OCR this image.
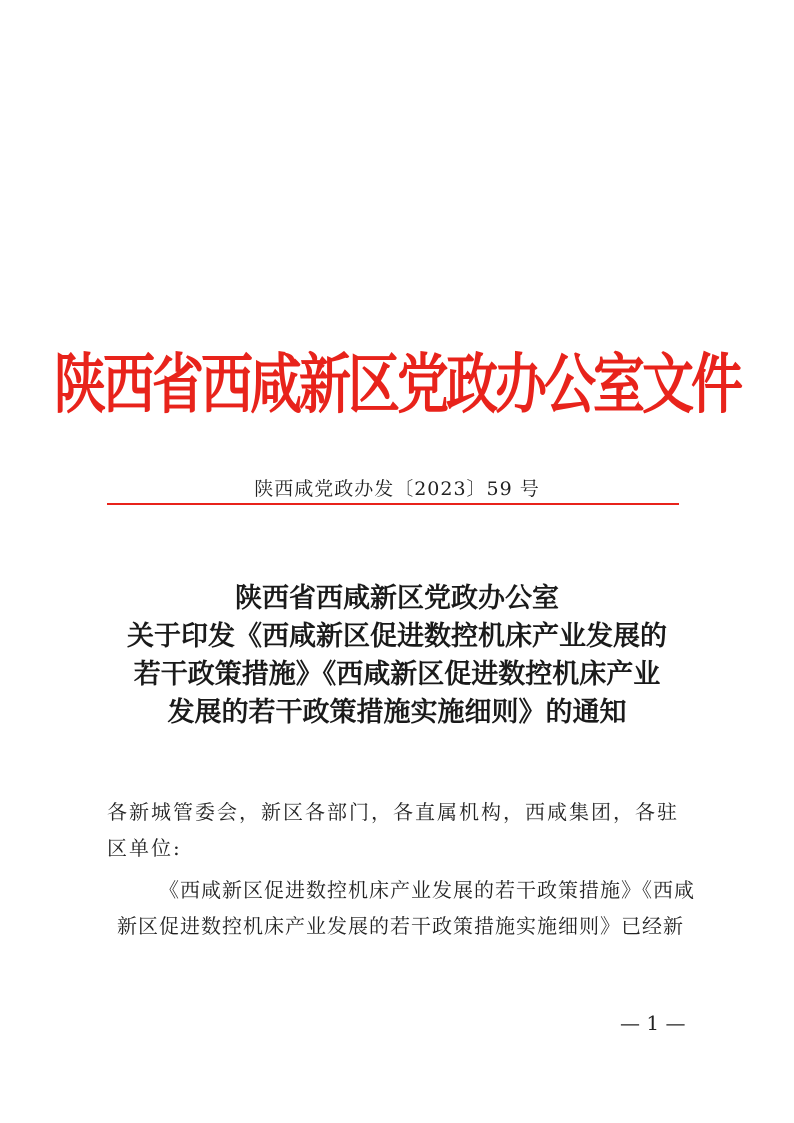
陕西省西咸新区党政办公室文件
陕西咸党政办发〔2023〕59 号
陕西省西咸新区党政办公室
关于印发《西咸新区促进数控机床产业发展的
若干政策措施》《西咸新区促进数控机床产业
发展的若干政策措施实施细则》的通知
各新城管委会，新区各部门，各直属机构，西咸集团，各驻区单位:
《西咸新区促进数控机床产业发展的若干政策措施》《西咸
新区促进数控机床产业发展的若干政策措施实施细则》已经新
— 1 —
